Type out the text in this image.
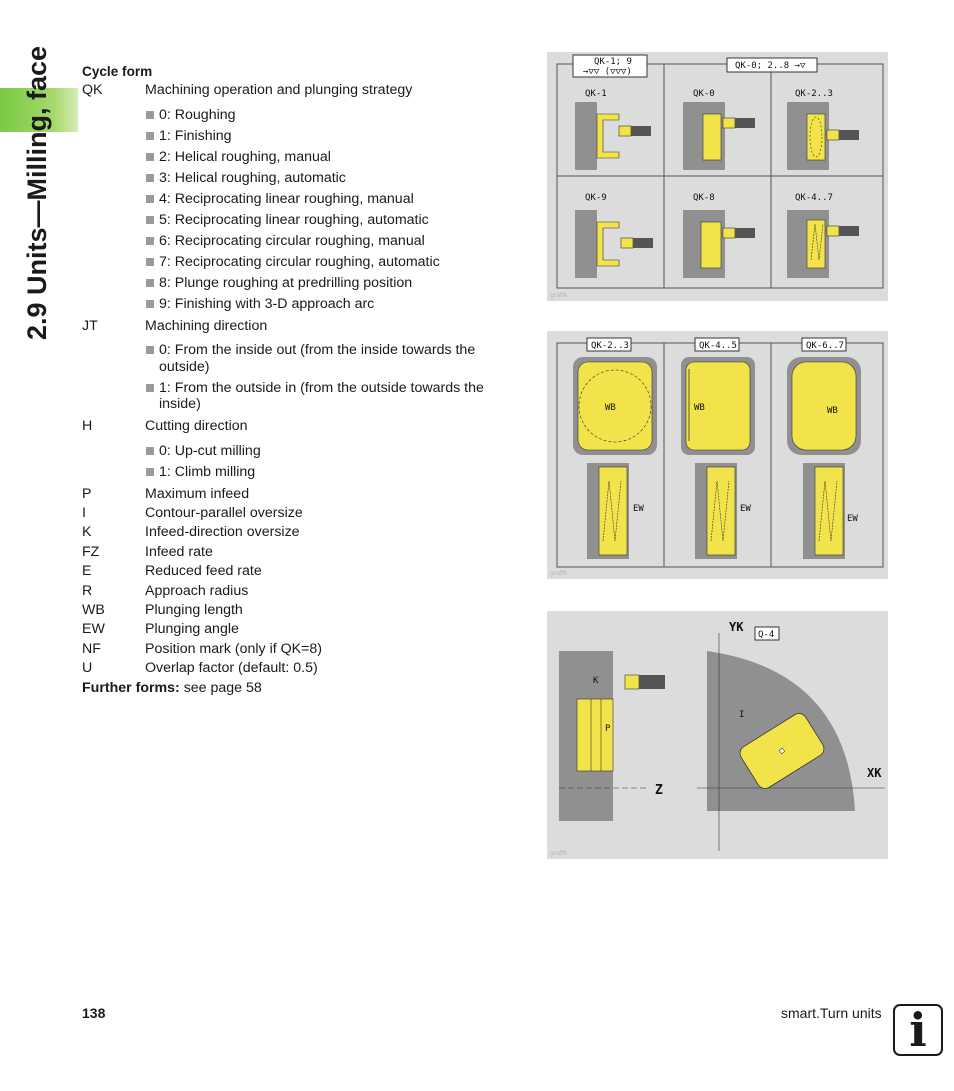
2.9 Units—Milling, face Cycle form
QK	Machining operation and plunging strategy
0: Roughing
1: Finishing
2: Helical roughing, manual
3: Helical roughing, automatic
4: Reciprocating linear roughing, manual
5: Reciprocating linear roughing, automatic
6: Reciprocating circular roughing, manual
7: Reciprocating circular roughing, automatic
8: Plunge roughing at predrilling position
9: Finishing with 3-D approach arc
JT	Machining direction
0: From the inside out (from the inside towards the outside)
1: From the outside in (from the outside towards the inside)
H	Cutting direction
0: Up-cut milling
1: Climb milling
P	Maximum infeed
I	Contour-parallel oversize
K	Infeed-direction oversize
FZ	Infeed rate
E	Reduced feed rate
R	Approach radius
WB	Plunging length
EW	Plunging angle
NF	Position mark (only if QK=8)
U	Overlap factor (default: 0.5)
Further forms: see page 58
QK-1; 9
→▽▽ (▽▽▽)
QK-0; 2..8 →▽
QK-1	QK-0	QK-2..3
QK-9	QK-8	QK-4..7
grafik
QK-2..3	QK-4..5	QK-6..7
WB	WB	WB
EW	EW
EW
grafik
K
P
Z
YK
Q-4
XK
I
grafik
138	smart.Turn units i
